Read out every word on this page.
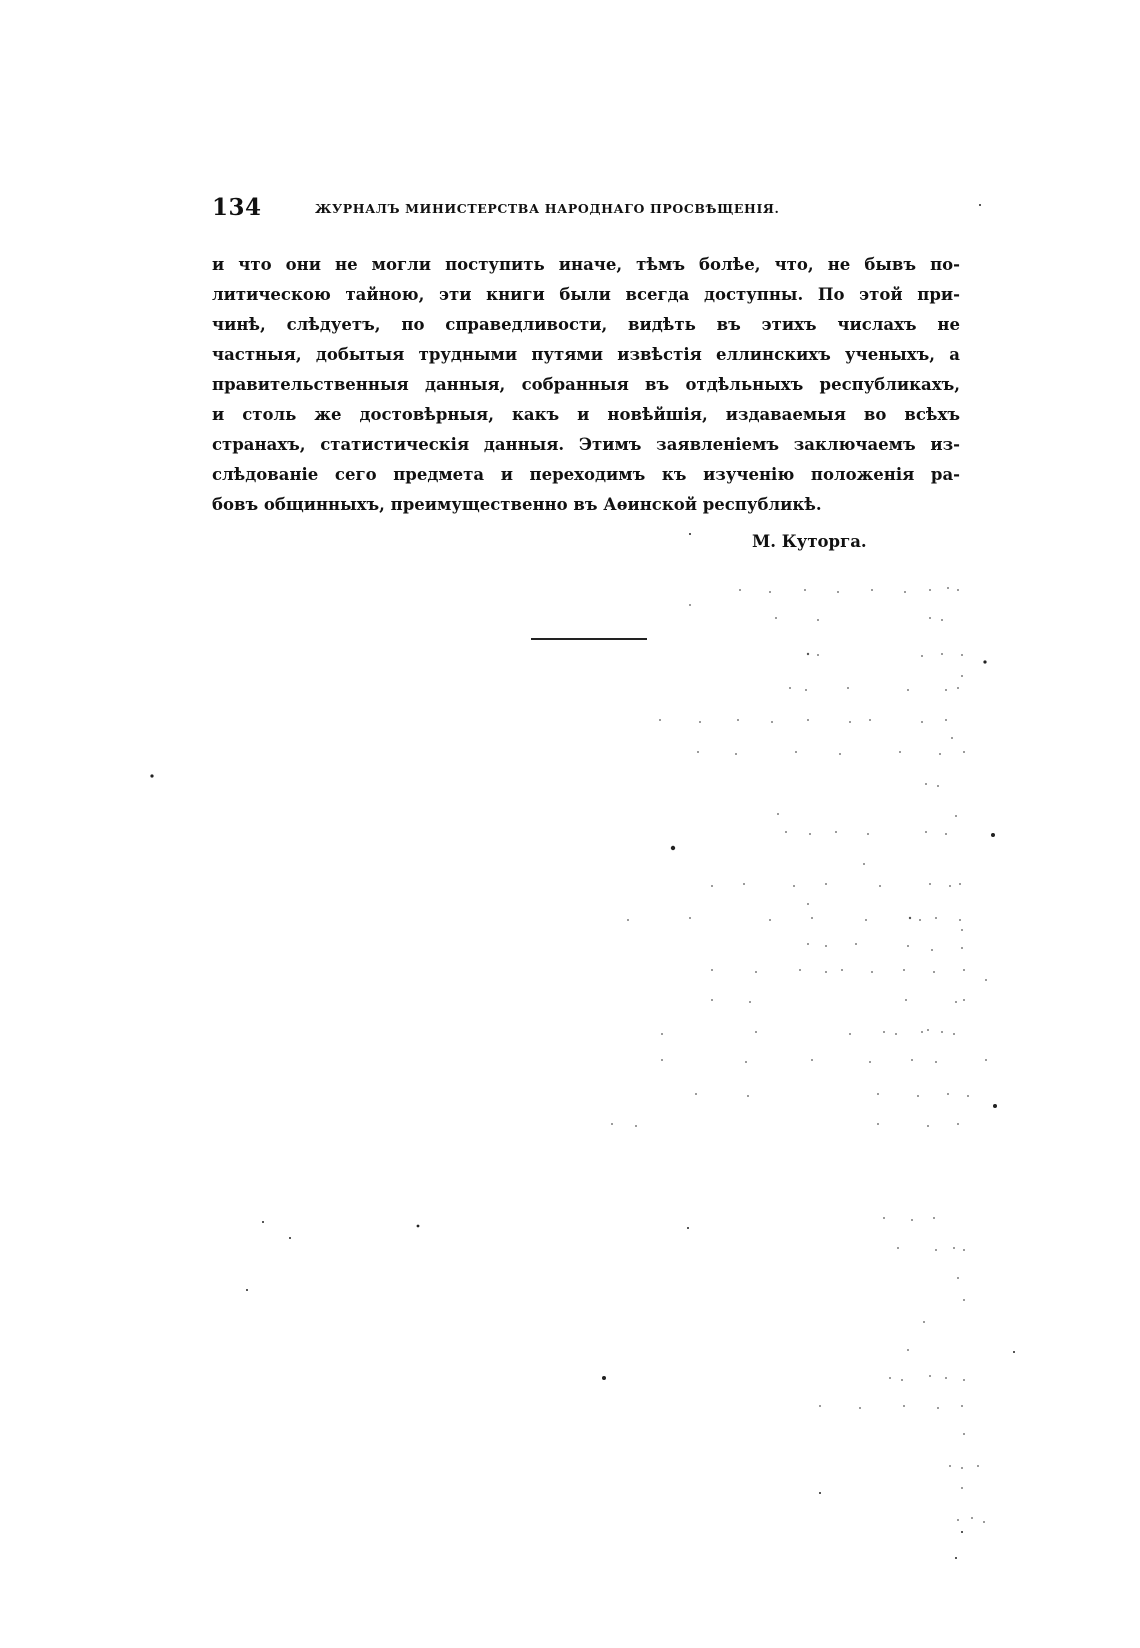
134	ЖУРНАЛЪ МИНИСТЕРСТВА НАРОДНАГО ПРОСВѢЩЕНІЯ.
и что они не могли поступить иначе, тѣмъ болѣе, что, не бывъ по-
литическою тайною, эти книги были всегда доступны. По этой при-
чинѣ, слѣдуетъ, по справедливости, видѣть въ этихъ числахъ не
частныя, добытыя трудными путями извѣстія еллинскихъ ученыхъ, а
правительственныя данныя, собранныя въ отдѣльныхъ республикахъ,
и столь же достовѣрныя, какъ и новѣйшія, издаваемыя во всѣхъ
странахъ, статистическія данныя. Этимъ заявленіемъ заключаемъ из-
слѣдованіе сего предмета и переходимъ къ изученію положенія ра-
бовъ общинныхъ, преимущественно въ Аѳинской республикѣ.
М. Куторга.
